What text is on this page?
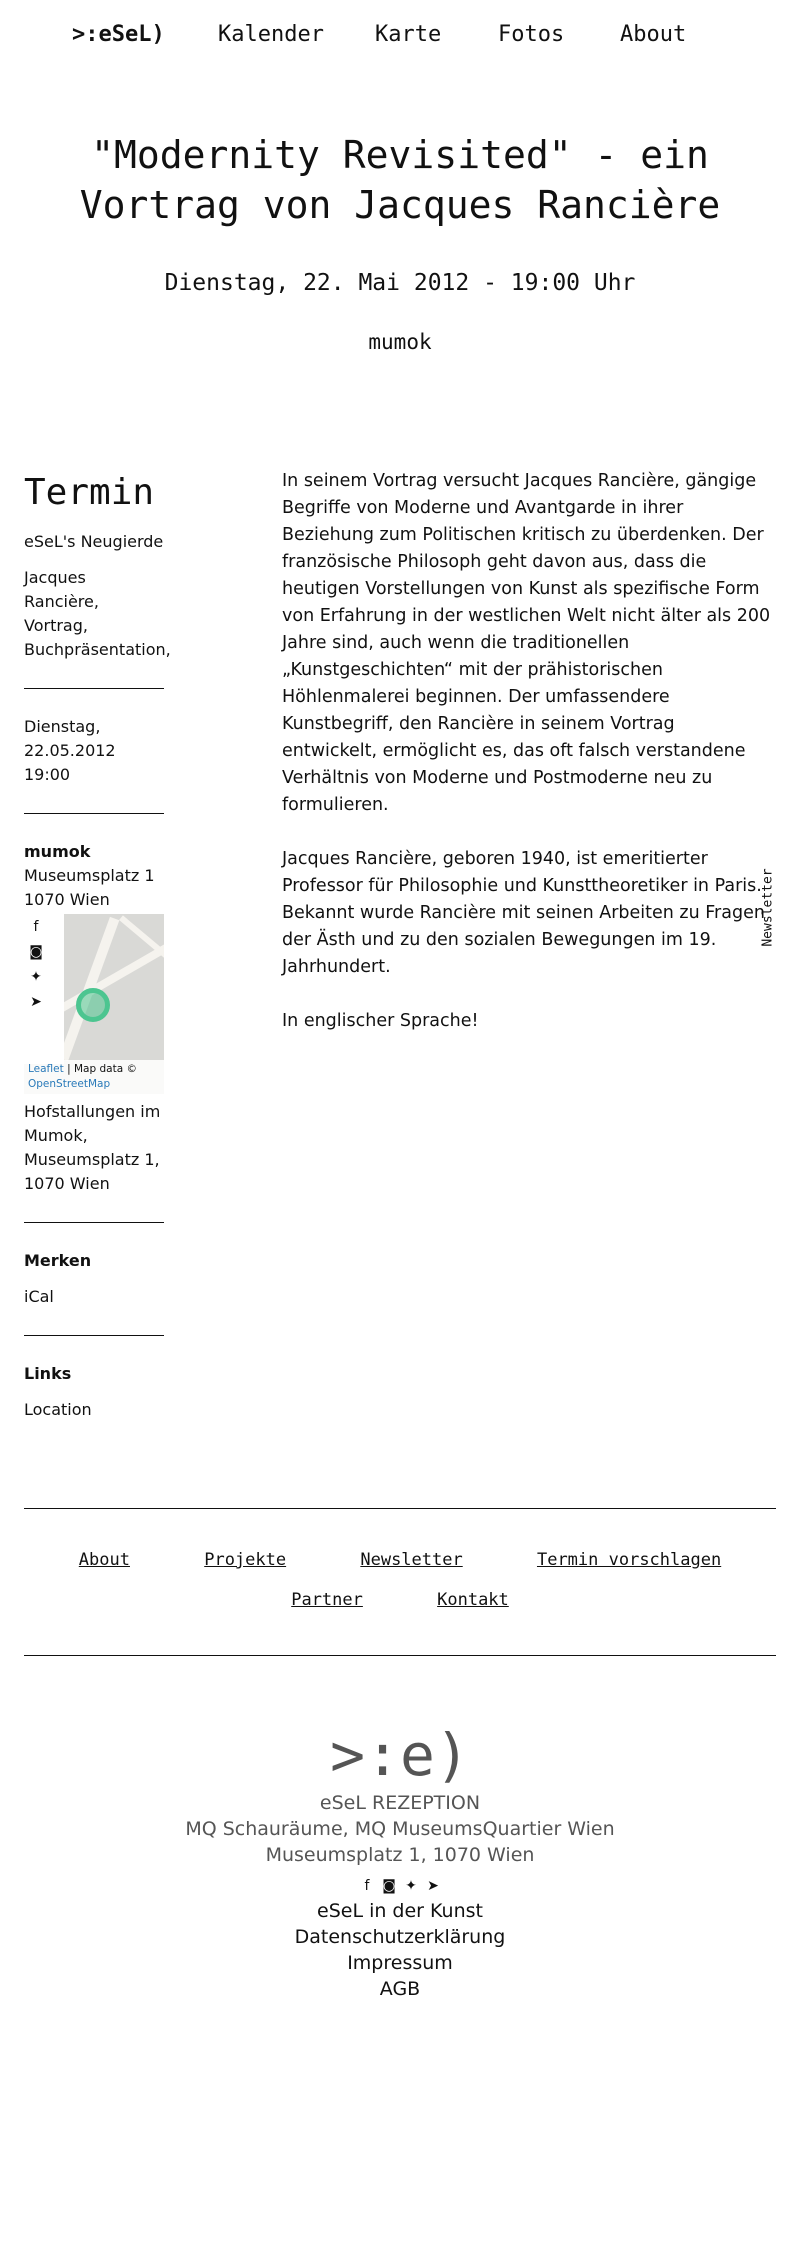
>:eSeL) Kalender Karte	Fotos	About
"Modernity Revisited" - ein Vortrag von Jacques Rancière
Dienstag, 22. Mai 2012 - 19:00 Uhr
mumok
Termin

eSeL's Neugierde

Jacques Rancière, Vortrag, Buchpräsentation,

Dienstag, 22.05.2012 19:00

mumok
Museumsplatz 1
1070 Wien
f
◙
✦
➤
Leaflet | Map data ©
OpenStreetMap

Hofstallungen im Mumok, Museumsplatz 1, 1070 Wien

Merken

iCal

Links

Location

In seinem Vortrag versucht Jacques Rancière, gängige Begriffe von Moderne und Avantgarde in ihrer Beziehung zum Politischen kritisch zu überdenken. Der französische Philosoph geht davon aus, dass die heutigen Vorstellungen von Kunst als spezifische Form von Erfahrung in der westlichen Welt nicht älter als 200 Jahre sind, auch wenn die traditionellen „Kunstgeschichten“ mit der prähistorischen Höhlenmalerei beginnen. Der umfassendere Kunstbegriff, den Rancière in seinem Vortrag entwickelt, ermöglicht es, das oft falsch verstandene Verhältnis von Moderne und Postmoderne neu zu formulieren.

Jacques Rancière, geboren 1940, ist emeritierter Professor für Philosophie und Kunsttheoretiker in Paris. Bekannt wurde Rancière mit seinen Arbeiten zu Fragen der Ästh und zu den sozialen Bewegungen im 19. Jahrhundert.

In englischer Sprache!

Newsletter
About	Projekte	Newsletter	Termin vorschlagen
Partner	Kontakt
>:e)
eSeL REZEPTION
MQ Schauräume, MQ MuseumsQuartier Wien
Museumsplatz 1, 1070 Wien
f ◙ ✦ ➤
eSeL in der Kunst
Datenschutzerklärung
Impressum
AGB
